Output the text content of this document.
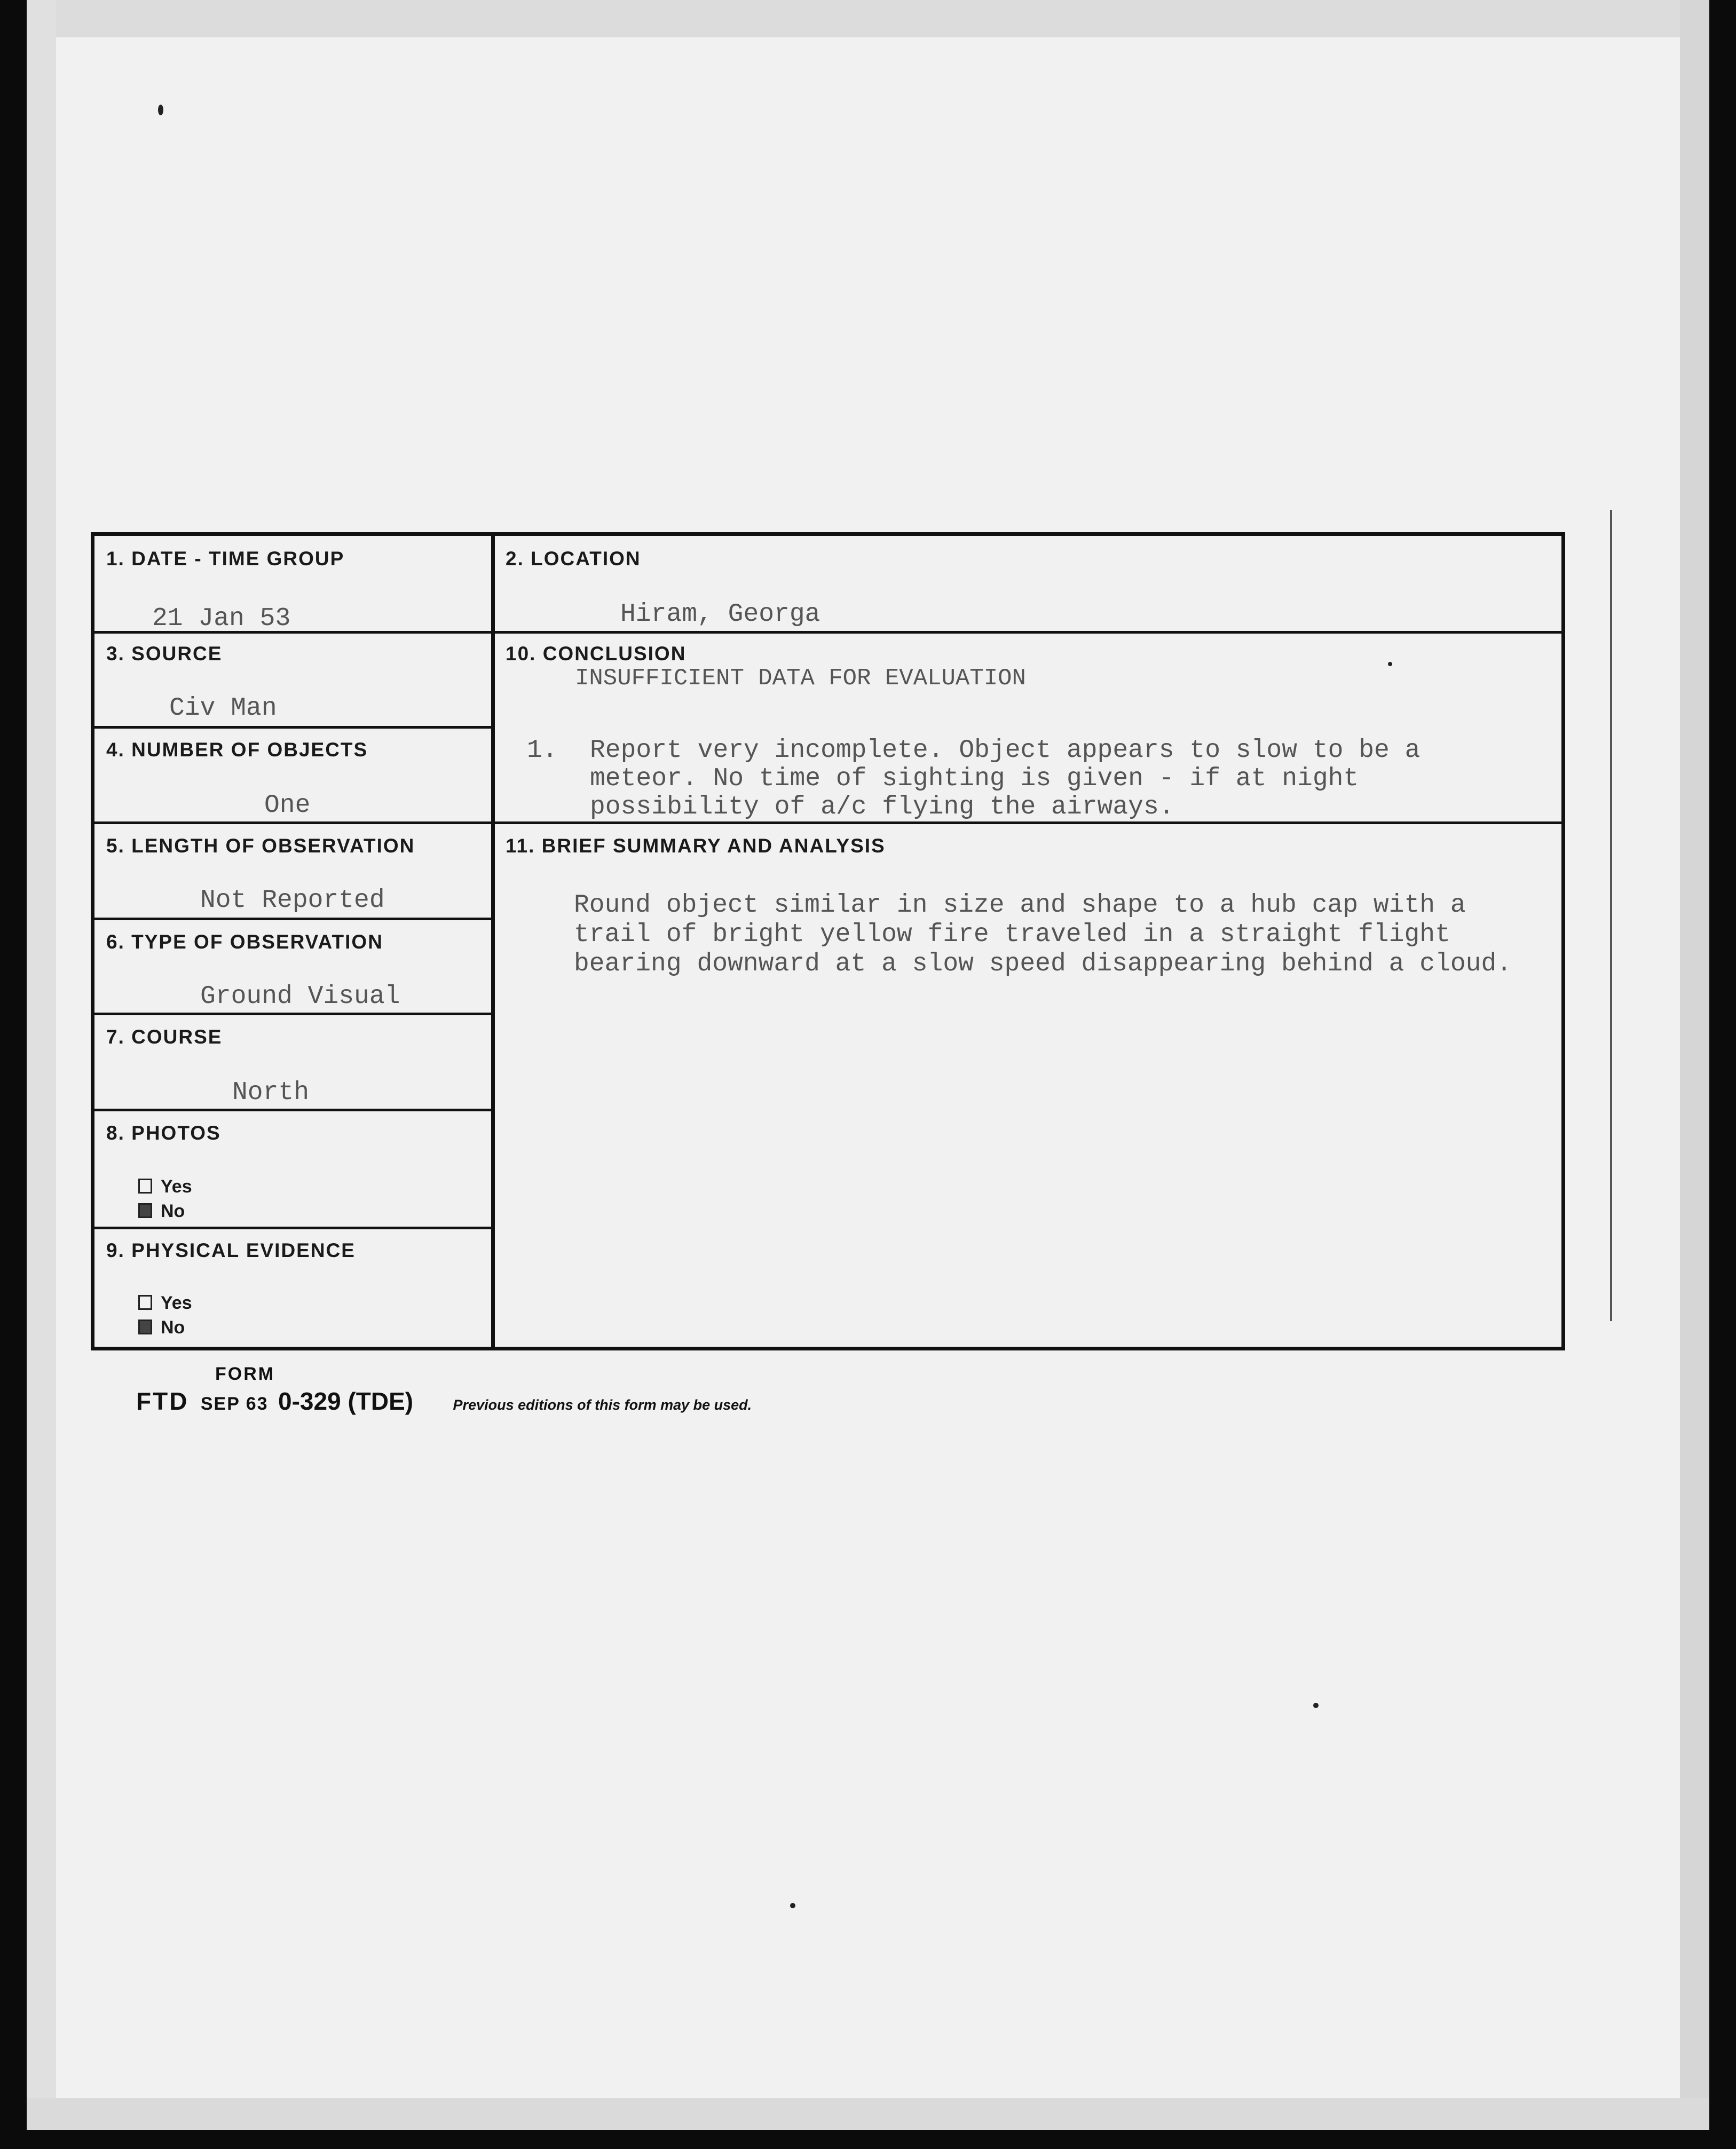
1. DATE - TIME GROUP
21 Jan 53
3. SOURCE
Civ Man
4. NUMBER OF OBJECTS
One
5. LENGTH OF OBSERVATION
Not Reported
6. TYPE OF OBSERVATION
Ground Visual
7. COURSE
North
8. PHOTOS
Yes
No
9. PHYSICAL EVIDENCE
Yes
No
2. LOCATION
Hiram, Georga
10. CONCLUSION
INSUFFICIENT DATA FOR EVALUATION
1. Report very incomplete. Object appears to slow to be a
meteor. No time of sighting is given - if at night
possibility of a/c flying the airways.
11. BRIEF SUMMARY AND ANALYSIS
Round object similar in size and shape to a hub cap with a
trail of bright yellow fire traveled in a straight flight
bearing downward at a slow speed disappearing behind a cloud.
FORM
FTD SEP 63 0-329 (TDE)	Previous editions of this form may be used.
